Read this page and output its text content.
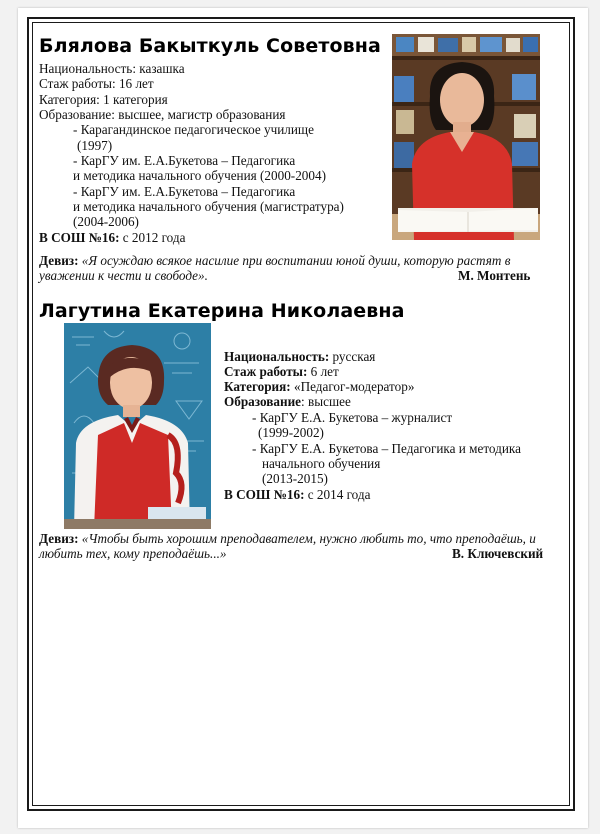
Блялова Бакыткуль Советовна
Национальность: казашка
Стаж работы: 16 лет
Категория: 1 категория
Образование: высшее, магистр образования
- Карагандинское педагогическое училище
(1997)
- КарГУ им. Е.А.Букетова – Педагогика
и методика начального обучения (2000-2004)
- КарГУ им. Е.А.Букетова – Педагогика
и методика начального обучения (магистратура)
(2004-2006)
В СОШ №16: с 2012 года
Девиз: «Я осуждаю всякое насилие при воспитании юной души, которую растят в уважении к чести и свободе».	М. Монтень
Лагутина Екатерина Николаевна
Национальность: русская
Стаж работы: 6 лет
Категория: «Педагог-модератор»
Образование: высшее
- КарГУ Е.А. Букетова – журналист
(1999-2002)
- КарГУ Е.А. Букетова – Педагогика и методика
начального обучения
(2013-2015)
В СОШ №16: с 2014 года
Девиз: «Чтобы быть хорошим преподавателем, нужно любить то, что преподаёшь, и любить тех, кому преподаёшь...»	В. Ключевский
